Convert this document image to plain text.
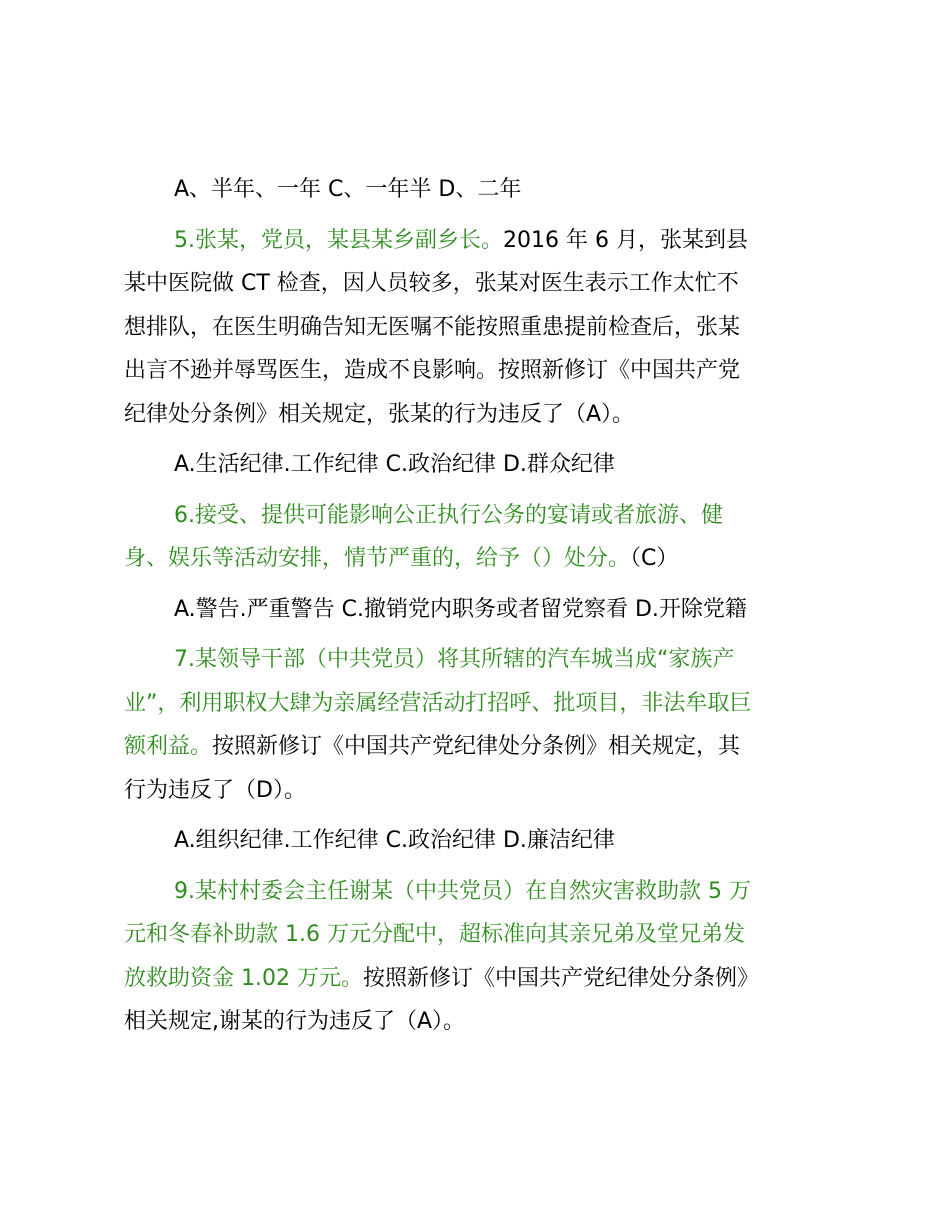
A、半年、一年 C、一年半 D、二年
5.张某，党员，某县某乡副乡长。2016 年 6 月，张某到县
某中医院做 CT 检查，因人员较多，张某对医生表示工作太忙不
想排队，在医生明确告知无医嘱不能按照重患提前检查后，张某
出言不逊并辱骂医生，造成不良影响。按照新修订《中国共产党
纪律处分条例》相关规定，张某的行为违反了（A）。
A.生活纪律.工作纪律 C.政治纪律 D.群众纪律
6.接受、提供可能影响公正执行公务的宴请或者旅游、健
身、娱乐等活动安排，情节严重的，给予（）处分。（C）
A.警告.严重警告 C.撤销党内职务或者留党察看 D.开除党籍
7.某领导干部（中共党员）将其所辖的汽车城当成“家族产
业”，利用职权大肆为亲属经营活动打招呼、批项目，非法牟取巨
额利益。按照新修订《中国共产党纪律处分条例》相关规定，其
行为违反了（D）。
A.组织纪律.工作纪律 C.政治纪律 D.廉洁纪律
9.某村村委会主任谢某（中共党员）在自然灾害救助款 5 万
元和冬春补助款 1.6 万元分配中，超标准向其亲兄弟及堂兄弟发
放救助资金 1.02 万元。按照新修订《中国共产党纪律处分条例》
相关规定,谢某的行为违反了（A）。
